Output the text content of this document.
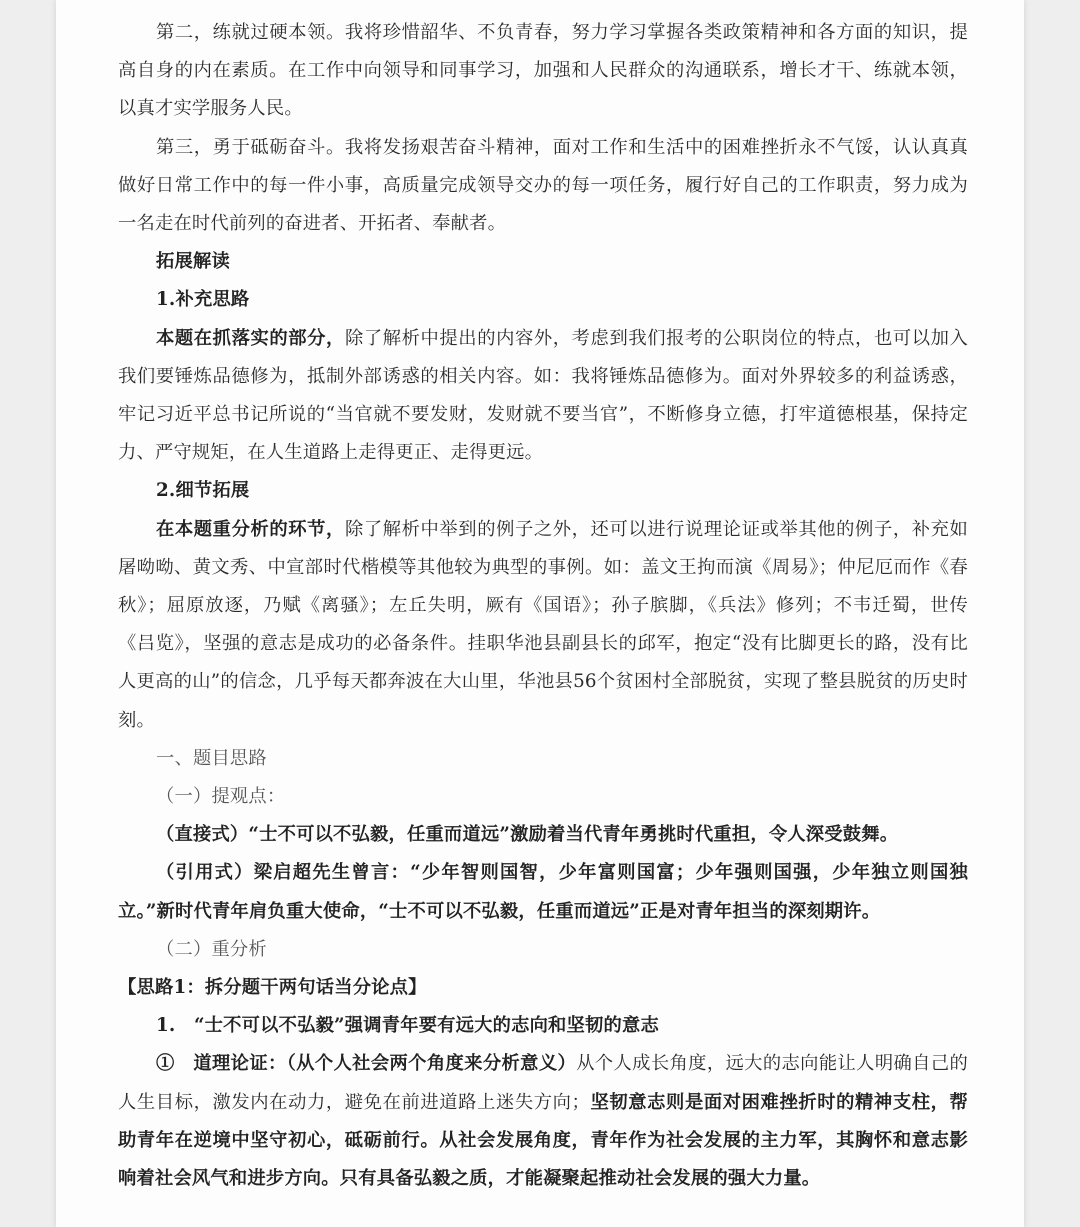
第二，练就过硬本领。我将珍惜韶华、不负青春，努力学习掌握各类政策精神和各方面的知识，提高自身的内在素质。在工作中向领导和同事学习，加强和人民群众的沟通联系，增长才干、练就本领，以真才实学服务人民。

第三，勇于砥砺奋斗。我将发扬艰苦奋斗精神，面对工作和生活中的困难挫折永不气馁，认认真真做好日常工作中的每一件小事，高质量完成领导交办的每一项任务，履行好自己的工作职责，努力成为一名走在时代前列的奋进者、开拓者、奉献者。

拓展解读

1.补充思路

本题在抓落实的部分，除了解析中提出的内容外，考虑到我们报考的公职岗位的特点，也可以加入我们要锤炼品德修为，抵制外部诱惑的相关内容。如：我将锤炼品德修为。面对外界较多的利益诱惑，牢记习近平总书记所说的“当官就不要发财，发财就不要当官”，不断修身立德，打牢道德根基，保持定力、严守规矩，在人生道路上走得更正、走得更远。

2.细节拓展

在本题重分析的环节，除了解析中举到的例子之外，还可以进行说理论证或举其他的例子，补充如屠呦呦、黄文秀、中宣部时代楷模等其他较为典型的事例。如：盖文王拘而演《周易》；仲尼厄而作《春秋》；屈原放逐，乃赋《离骚》；左丘失明，厥有《国语》；孙子膑脚，《兵法》修列；不韦迁蜀，世传《吕览》，坚强的意志是成功的必备条件。挂职华池县副县长的邱军，抱定“没有比脚更长的路，没有比人更高的山”的信念，几乎每天都奔波在大山里，华池县56个贫困村全部脱贫，实现了整县脱贫的历史时刻。

一、题目思路

（一）提观点：

（直接式）“士不可以不弘毅，任重而道远”激励着当代青年勇挑时代重担，令人深受鼓舞。

（引用式）梁启超先生曾言：“少年智则国智，少年富则国富；少年强则国强，少年独立则国独立。”新时代青年肩负重大使命，“士不可以不弘毅，任重而道远”正是对青年担当的深刻期许。

（二）重分析

【思路1：拆分题干两句话当分论点】

1.　“士不可以不弘毅”强调青年要有远大的志向和坚韧的意志

①　道理论证：（从个人社会两个角度来分析意义）从个人成长角度，远大的志向能让人明确自己的人生目标，激发内在动力，避免在前进道路上迷失方向；坚韧意志则是面对困难挫折时的精神支柱，帮助青年在逆境中坚守初心，砥砺前行。从社会发展角度，青年作为社会发展的主力军，其胸怀和意志影响着社会风气和进步方向。只有具备弘毅之质，才能凝聚起推动社会发展的强大力量。
